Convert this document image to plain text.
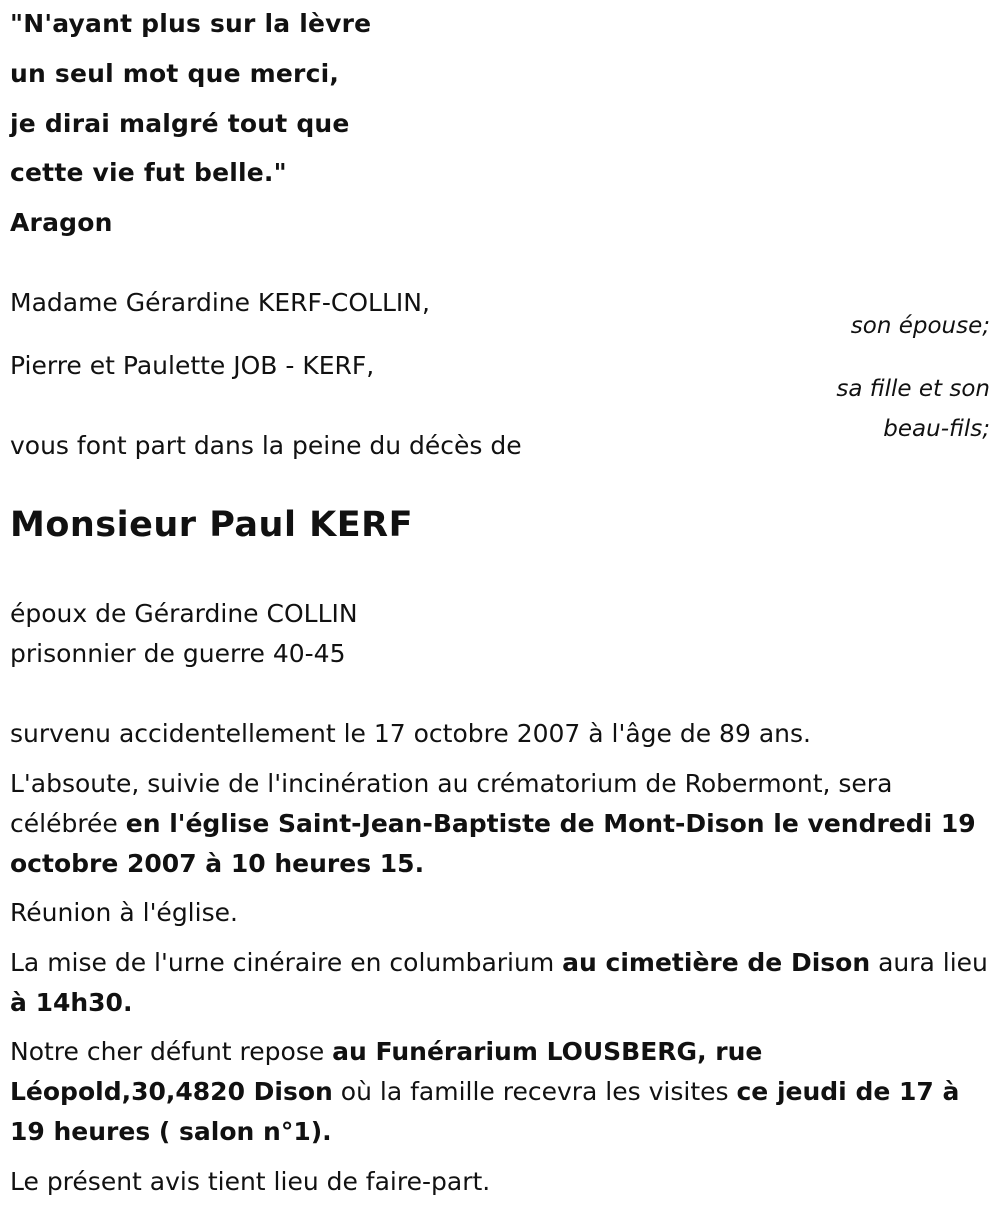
"N'ayant plus sur la lèvre
un seul mot que merci,
je dirai malgré tout que
cette vie fut belle."
Aragon
Madame Gérardine KERF-COLLIN,
son épouse;
Pierre et Paulette JOB - KERF,
sa fille et son
beau-fils;
vous font part dans la peine du décès de
Monsieur Paul KERF
époux de Gérardine COLLIN
prisonnier de guerre 40-45
survenu accidentellement le 17 octobre 2007 à l'âge de 89 ans.
L'absoute, suivie de l'incinération au crématorium de Robermont, sera célébrée en l'église Saint-Jean-Baptiste de Mont-Dison le vendredi 19 octobre 2007 à 10 heures 15.
Réunion à l'église.
La mise de l'urne cinéraire en columbarium au cimetière de Dison aura lieu à 14h30.
Notre cher défunt repose au Funérarium LOUSBERG, rue Léopold,30,4820 Dison où la famille recevra les visites ce jeudi de 17 à 19 heures ( salon n°1).
Le présent avis tient lieu de faire-part.
